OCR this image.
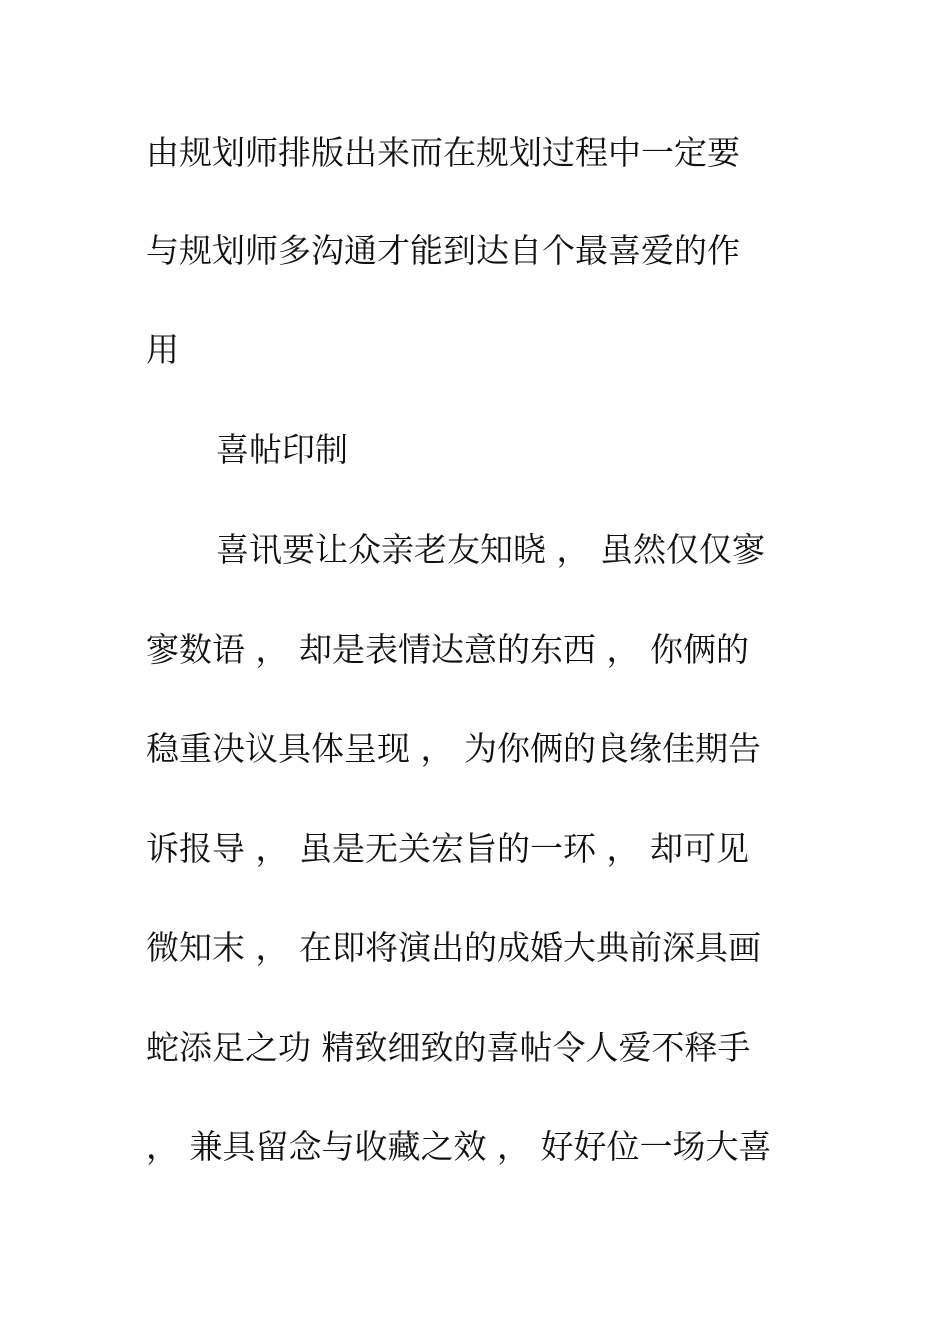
由规划师排版出来而在规划过程中一定要
与规划师多沟通才能到达自个最喜爱的作
用
喜帖印制
喜讯要让众亲老友知晓 ， 虽然仅仅寥
寥数语 ， 却是表情达意的东西 ， 你俩的
稳重决议具体呈现 ， 为你俩的良缘佳期告
诉报导 ， 虽是无关宏旨的一环 ， 却可见
微知末 ， 在即将演出的成婚大典前深具画
蛇添足之功 精致细致的喜帖令人爱不释手
， 兼具留念与收藏之效 ， 好好位一场大喜
